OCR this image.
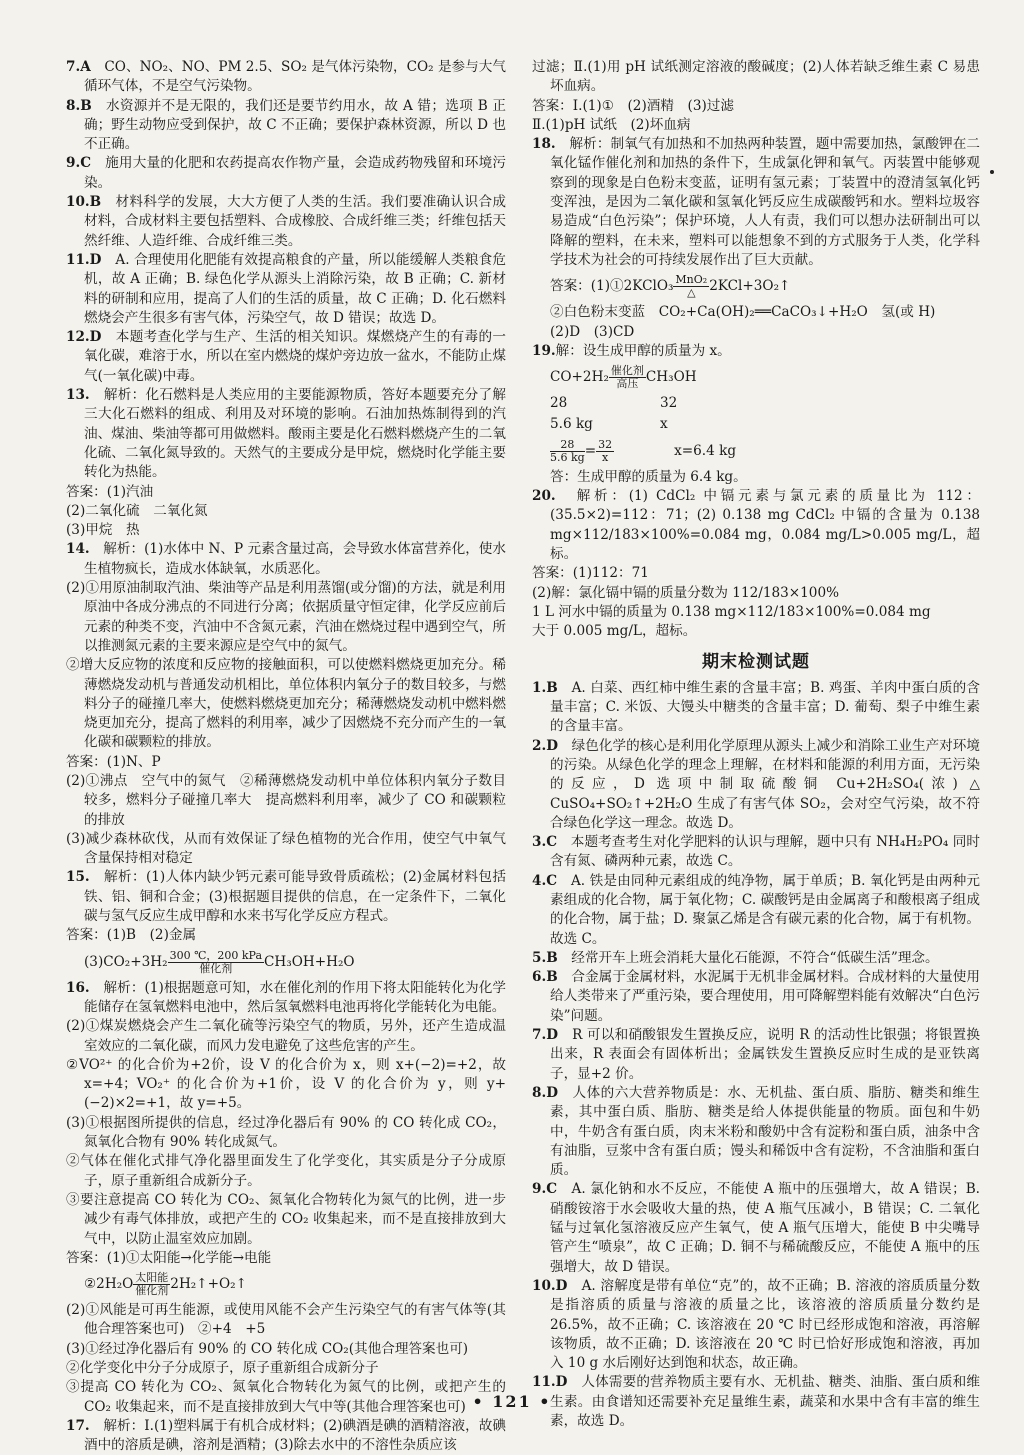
7.A　CO、NO₂、NO、PM 2.5、SO₂ 是气体污染物，CO₂ 是参与大气循环气体，不是空气污染物。
8.B　水资源并不是无限的，我们还是要节约用水，故 A 错；选项 B 正确；野生动物应受到保护，故 C 不正确；要保护森林资源，所以 D 也不正确。
9.C　施用大量的化肥和农药提高农作物产量，会造成药物残留和环境污染。
10.B　材料科学的发展，大大方便了人类的生活。我们要准确认识合成材料，合成材料主要包括塑料、合成橡胶、合成纤维三类；纤维包括天然纤维、人造纤维、合成纤维三类。
11.D　A. 合理使用化肥能有效提高粮食的产量，所以能缓解人类粮食危机，故 A 正确；B. 绿色化学从源头上消除污染，故 B 正确；C. 新材料的研制和应用，提高了人们的生活的质量，故 C 正确；D. 化石燃料燃烧会产生很多有害气体，污染空气，故 D 错误；故选 D。
12.D　本题考查化学与生产、生活的相关知识。煤燃烧产生的有毒的一氧化碳，难溶于水，所以在室内燃烧的煤炉旁边放一盆水，不能防止煤气(一氧化碳)中毒。
13.　解析：化石燃料是人类应用的主要能源物质，答好本题要充分了解三大化石燃料的组成、利用及对环境的影响。石油加热炼制得到的汽油、煤油、柴油等都可用做燃料。酸雨主要是化石燃料燃烧产生的二氧化硫、二氧化氮导致的。天然气的主要成分是甲烷，燃烧时化学能主要转化为热能。
答案：(1)汽油
(2)二氧化硫　二氧化氮
(3)甲烷　热
14.　解析：(1)水体中 N、P 元素含量过高，会导致水体富营养化，使水生植物疯长，造成水体缺氧，水质恶化。
(2)①用原油制取汽油、柴油等产品是利用蒸馏(或分馏)的方法，就是利用原油中各成分沸点的不同进行分离；依据质量守恒定律，化学反应前后元素的种类不变，汽油中不含氮元素，汽油在燃烧过程中遇到空气，所以推测氮元素的主要来源应是空气中的氮气。
②增大反应物的浓度和反应物的接触面积，可以使燃料燃烧更加充分。稀薄燃烧发动机与普通发动机相比，单位体积内氧分子的数目较多，与燃料分子的碰撞几率大，使燃料燃烧更加充分；稀薄燃烧发动机中燃料燃烧更加充分，提高了燃料的利用率，减少了因燃烧不充分而产生的一氧化碳和碳颗粒的排放。
答案：(1)N、P
(2)①沸点　空气中的氮气　②稀薄燃烧发动机中单位体积内氧分子数目较多，燃料分子碰撞几率大　提高燃料利用率，减少了 CO 和碳颗粒的排放
(3)减少森林砍伐，从而有效保证了绿色植物的光合作用，使空气中氧气含量保持相对稳定
15.　解析：(1)人体内缺少钙元素可能导致骨质疏松；(2)金属材料包括铁、铝、铜和合金；(3)根据题目提供的信息，在一定条件下，二氧化碳与氢气反应生成甲醇和水来书写化学反应方程式。
答案：(1)B　(2)金属
$(3)CO_2+3H_2 \frac{\text{300 ℃，200 kPa}}{\text{催化剂}} CH_3OH+H_2O$
16.　解析：(1)根据题意可知，水在催化剂的作用下将太阳能转化为化学能储存在氢氧燃料电池中，然后氢氧燃料电池再将化学能转化为电能。
(2)①煤炭燃烧会产生二氧化硫等污染空气的物质，另外，还产生造成温室效应的二氧化碳，而风力发电避免了这些危害的产生。
②VO²⁺ 的化合价为+2价，设 V 的化合价为 x，则 x+(−2)=+2，故 x=+4；VO₂⁺ 的化合价为+1价，设 V 的化合价为 y，则 y+(−2)×2=+1，故 y=+5。
(3)①根据图所提供的信息，经过净化器后有 90% 的 CO 转化成 CO₂，氮氧化合物有 90% 转化成氮气。
②气体在催化式排气净化器里面发生了化学变化，其实质是分子分成原子，原子重新组合成新分子。
③要注意提高 CO 转化为 CO₂、氮氧化合物转化为氮气的比例，进一步减少有毒气体排放，或把产生的 CO₂ 收集起来，而不是直接排放到大气中，以防止温室效应加剧。
答案：(1)①太阳能→化学能→电能
②2H₂O $\frac{\text{太阳能}}{\text{催化剂}}$ 2H₂↑+O₂↑
(2)①风能是可再生能源，或使用风能不会产生污染空气的有害气体等(其他合理答案也可)　②+4　+5
(3)①经过净化器后有 90% 的 CO 转化成 CO₂(其他合理答案也可)
②化学变化中分子分成原子，原子重新组合成新分子
③提高 CO 转化为 CO₂、氮氧化合物转化为氮气的比例，或把产生的 CO₂ 收集起来，而不是直接排放到大气中等(其他合理答案也可)
17.　解析：Ⅰ.(1)塑料属于有机合成材料；(2)碘酒是碘的酒精溶液，故碘酒中的溶质是碘，溶剂是酒精；(3)除去水中的不溶性杂质应该
过滤；Ⅱ.(1)用 pH 试纸测定溶液的酸碱度；(2)人体若缺乏维生素 C 易患坏血病。
答案：Ⅰ.(1)①　(2)酒精　(3)过滤
Ⅱ.(1)pH 试纸　(2)坏血病
18.　解析：制氧气有加热和不加热两种装置，题中需要加热，氯酸钾在二氧化锰作催化剂和加热的条件下，生成氯化钾和氧气。丙装置中能够观察到的现象是白色粉末变蓝，证明有氢元素；丁装置中的澄清氢氧化钙变浑浊，是因为二氧化碳和氢氧化钙反应生成碳酸钙和水。塑料垃圾容易造成“白色污染”；保护环境，人人有责，我们可以想办法研制出可以降解的塑料，在未来，塑料可以能想象不到的方式服务于人类，化学科学技术为社会的可持续发展作出了巨大贡献。
答案：(1)①2KClO₃ $\frac{\text{MnO₂}}{\triangle}$ 2KCl+3O₂↑
②白色粉末变蓝　CO₂+Ca(OH)₂══CaCO₃↓+H₂O　氢(或 H)
(2)D　(3)CD
19.解：设生成甲醇的质量为 x。
$CO+2H_2 \frac{\text{催化剂}}{\text{高压}} CH_3OH$
28	32
5.6 kg	x
$\frac{28}{5.6 kg} = \frac{32}{x}$	x=6.4 kg
答：生成甲醇的质量为 6.4 kg。
20.　解析：(1) CdCl₂ 中镉元素与氯元素的质量比为 112：(35.5×2)=112：71；(2) 0.138 mg CdCl₂ 中镉的含量为 0.138 mg×112/183×100%=0.084 mg，0.084 mg/L>0.005 mg/L，超标。
答案：(1)112：71
(2)解：氯化镉中镉的质量分数为 112/183×100%
1 L 河水中镉的质量为 0.138 mg×112/183×100%=0.084 mg
大于 0.005 mg/L，超标。
期末检测试题
1.B　A. 白菜、西红柿中维生素的含量丰富；B. 鸡蛋、羊肉中蛋白质的含量丰富；C. 米饭、大馒头中糖类的含量丰富；D. 葡萄、梨子中维生素的含量丰富。
2.D　绿色化学的核心是利用化学原理从源头上减少和消除工业生产对环境的污染。从绿色化学的理念上理解，在材料和能源的利用方面，无污染的反应，D 选项中制取硫酸铜 Cu+2H₂SO₄(浓) △ CuSO₄+SO₂↑+2H₂O 生成了有害气体 SO₂，会对空气污染，故不符合绿色化学这一理念。故选 D。
3.C　本题考查考生对化学肥料的认识与理解，题中只有 NH₄H₂PO₄ 同时含有氮、磷两种元素，故选 C。
4.C　A. 铁是由同种元素组成的纯净物，属于单质；B. 氧化钙是由两种元素组成的化合物，属于氧化物；C. 碳酸钙是由金属离子和酸根离子组成的化合物，属于盐；D. 聚氯乙烯是含有碳元素的化合物，属于有机物。故选 C。
5.B　经常开车上班会消耗大量化石能源，不符合“低碳生活”理念。
6.B　合金属于金属材料，水泥属于无机非金属材料。合成材料的大量使用给人类带来了严重污染，要合理使用，用可降解塑料能有效解决“白色污染”问题。
7.D　R 可以和硝酸银发生置换反应，说明 R 的活动性比银强；将银置换出来，R 表面会有固体析出；金属铁发生置换反应时生成的是亚铁离子，显+2 价。
8.D　人体的六大营养物质是：水、无机盐、蛋白质、脂肪、糖类和维生素，其中蛋白质、脂肪、糖类是给人体提供能量的物质。面包和牛奶中，牛奶含有蛋白质，肉末米粉和酸奶中含有淀粉和蛋白质，油条中含有油脂，豆浆中含有蛋白质；馒头和稀饭中含有淀粉，不含油脂和蛋白质。
9.C　A. 氯化钠和水不反应，不能使 A 瓶中的压强增大，故 A 错误；B. 硝酸铵溶于水会吸收大量的热，使 A 瓶气压减小，B 错误；C. 二氧化锰与过氧化氢溶液反应产生氧气，使 A 瓶气压增大，能使 B 中尖嘴导管产生“喷泉”，故 C 正确；D. 铜不与稀硫酸反应，不能使 A 瓶中的压强增大，故 D 错误。
10.D　A. 溶解度是带有单位“克”的，故不正确；B. 溶液的溶质质量分数是指溶质的质量与溶液的质量之比，该溶液的溶质质量分数约是 26.5%，故不正确；C. 该溶液在 20 ℃ 时已经形成饱和溶液，再溶解该物质，故不正确；D. 该溶液在 20 ℃ 时已恰好形成饱和溶液，再加入 10 g 水后刚好达到饱和状态，故正确。
11.D　人体需要的营养物质主要有水、无机盐、糖类、油脂、蛋白质和维生素。由食谱知还需要补充足量维生素，蔬菜和水果中含有丰富的维生素，故选 D。
• 121 •
